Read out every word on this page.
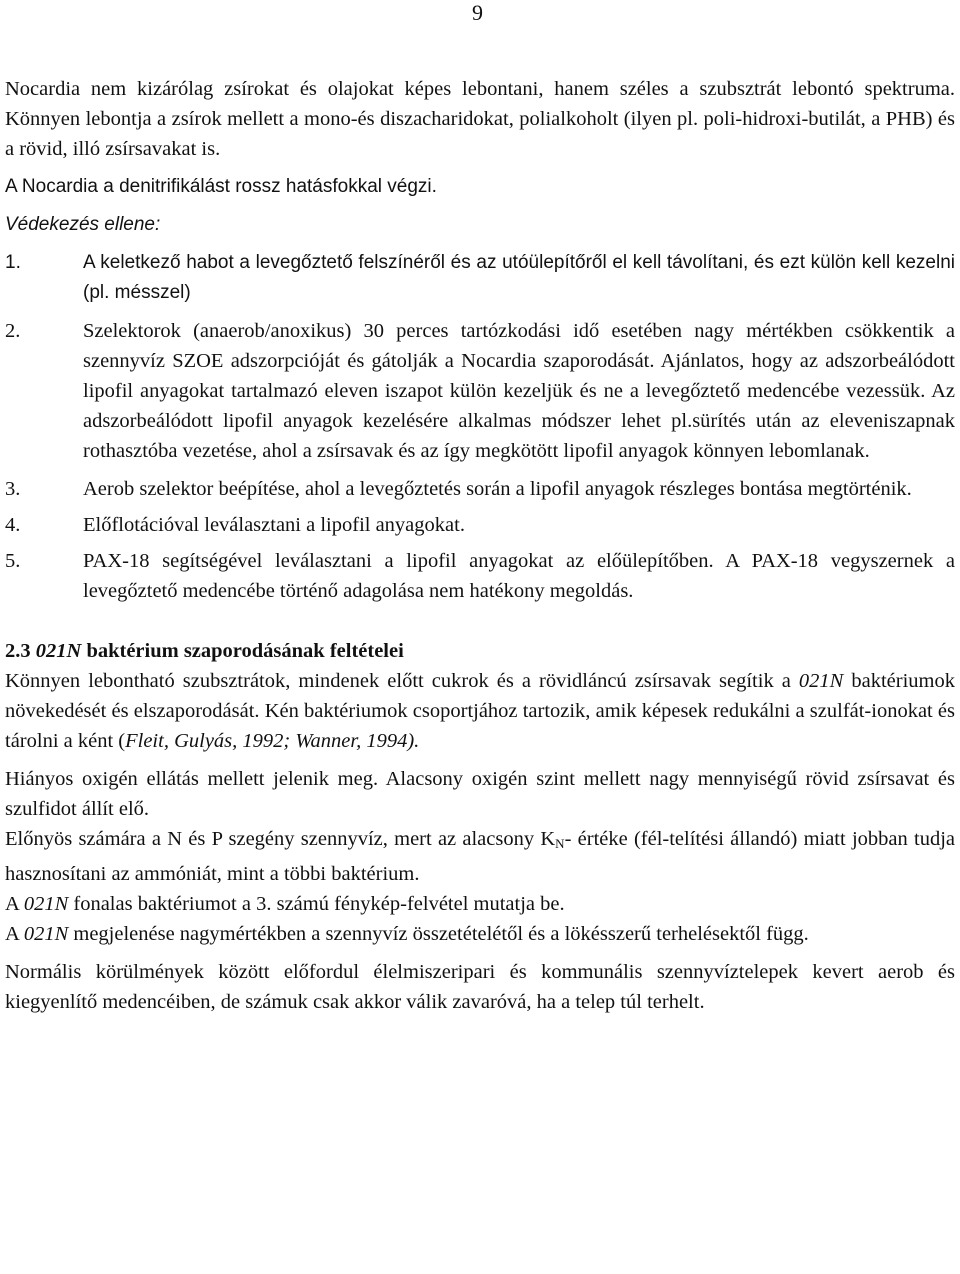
9

Nocardia nem kizárólag zsírokat és olajokat képes lebontani, hanem széles a szubsztrát lebontó spektruma. Könnyen lebontja a zsírok mellett a mono-és diszacharidokat, polialkoholt (ilyen pl. poli-hidroxi-butilát, a PHB) és a rövid, illó zsírsavakat is.

A Nocardia a denitrifikálást rossz hatásfokkal végzi.

Védekezés ellene:

1.	A keletkező habot a levegőztető felszínéről és az utóülepítőről el kell távolítani, és ezt külön kell kezelni (pl. mésszel)
2.	Szelektorok (anaerob/anoxikus) 30 perces tartózkodási idő esetében nagy mértékben csökkentik a szennyvíz SZOE adszorpcióját és gátolják a Nocardia szaporodását. Ajánlatos, hogy az adszorbeálódott lipofil anyagokat tartalmazó eleven iszapot külön kezeljük és ne a levegőztető medencébe vezessük. Az adszorbeálódott lipofil anyagok kezelésére alkalmas módszer lehet pl.sürítés után az eleveniszapnak rothasztóba vezetése, ahol a zsírsavak és az így megkötött lipofil anyagok könnyen lebomlanak.
3.	Aerob szelektor beépítése, ahol a levegőztetés során a lipofil anyagok részleges bontása megtörténik.
4.	Előflotációval leválasztani a lipofil anyagokat.
5.	PAX-18 segítségével leválasztani a lipofil anyagokat az előülepítőben. A PAX-18 vegyszernek a levegőztető medencébe történő adagolása nem hatékony megoldás.

2.3 021N baktérium szaporodásának feltételei

Könnyen lebontható szubsztrátok, mindenek előtt cukrok és a rövidláncú zsírsavak segítik a 021N baktériumok növekedését és elszaporodását. Kén baktériumok csoportjához tartozik, amik képesek redukálni a szulfát-ionokat és tárolni a ként (Fleit, Gulyás, 1992; Wanner, 1994).

Hiányos oxigén ellátás mellett jelenik meg. Alacsony oxigén szint mellett nagy mennyiségű rövid zsírsavat és szulfidot állít elő.

Előnyös számára a N és P szegény szennyvíz, mert az alacsony $K_N-$ értéke (fél-telítési állandó) miatt jobban tudja hasznosítani az ammóniát, mint a többi baktérium.

A 021N fonalas baktériumot a 3. számú fénykép-felvétel mutatja be.

A 021N megjelenése nagymértékben a szennyvíz összetételétől és a lökésszerű terhelésektől függ.

Normális körülmények között előfordul élelmiszeripari és kommunális szennyvíztelepek kevert aerob és kiegyenlítő medencéiben, de számuk csak akkor válik zavaróvá, ha a telep túl terhelt.
